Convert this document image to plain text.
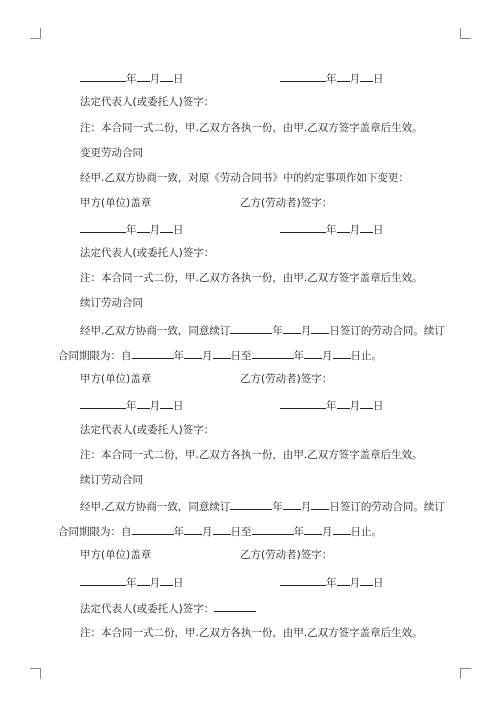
年 月 日	年 月 日
法定代表人(或委托人)签字：
注：本合同一式二份，甲.乙双方各执一份，由甲.乙双方签字盖章后生效。
变更劳动合同
经甲.乙双方协商一致，对原《劳动合同书》中的约定事项作如下变更：
甲方(单位)盖章	乙方(劳动者)签字：
年 月 日	年 月 日
法定代表人(或委托人)签字：
注：本合同一式二份，甲.乙双方各执一份，由甲.乙双方签字盖章后生效。
续订劳动合同
经甲.乙双方协商一致，同意续订	年 月 日签订的劳动合同。续订
合同期限为：自	年 月 日至	年 月 日止。
甲方(单位)盖章	乙方(劳动者)签字：
年 月 日	年 月 日
法定代表人(或委托人)签字：
注：本合同一式二份，甲.乙双方各执一份，由甲.乙双方签字盖章后生效。
续订劳动合同
经甲.乙双方协商一致，同意续订	年 月 日签订的劳动合同。续订
合同期限为：自	年 月 日至	年 月 日止。
甲方(单位)盖章	乙方(劳动者)签字：
年 月 日	年 月 日
法定代表人(或委托人)签字：
注：本合同一式二份，甲.乙双方各执一份，由甲.乙双方签字盖章后生效。
